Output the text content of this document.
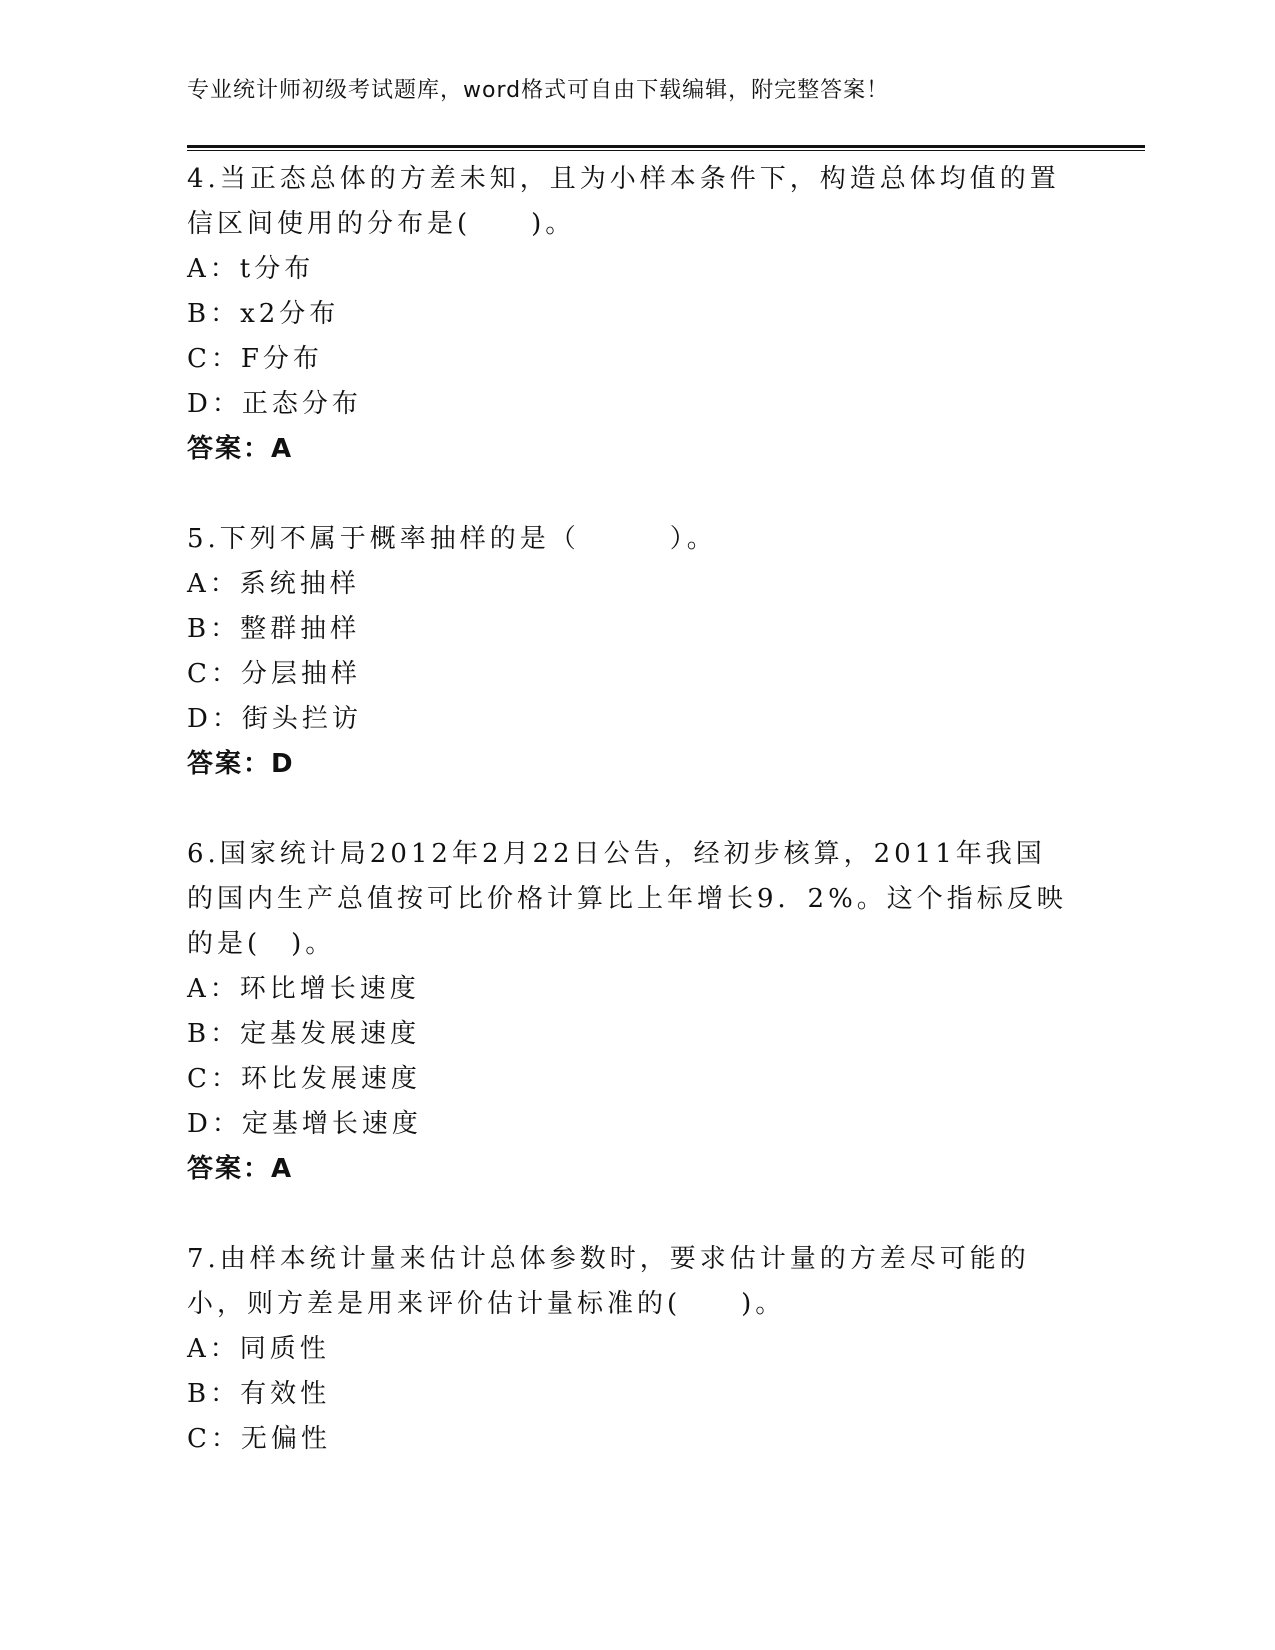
专业统计师初级考试题库，word格式可自由下载编辑，附完整答案！

4.当正态总体的方差未知，且为小样本条件下，构造总体均值的置信区间使用的分布是(　　)。

A：t分布
B：x2分布
C：F分布
D：正态分布
答案：A

5.下列不属于概率抽样的是（　　　）。

A：系统抽样
B：整群抽样
C：分层抽样
D：街头拦访
答案：D

6.国家统计局2012年2月22日公告，经初步核算，2011年我国的国内生产总值按可比价格计算比上年增长9．2%。这个指标反映的是(　)。

A：环比增长速度
B：定基发展速度
C：环比发展速度
D：定基增长速度
答案：A

7.由样本统计量来估计总体参数时，要求估计量的方差尽可能的小，则方差是用来评价估计量标准的(　　)。

A：同质性
B：有效性
C：无偏性
